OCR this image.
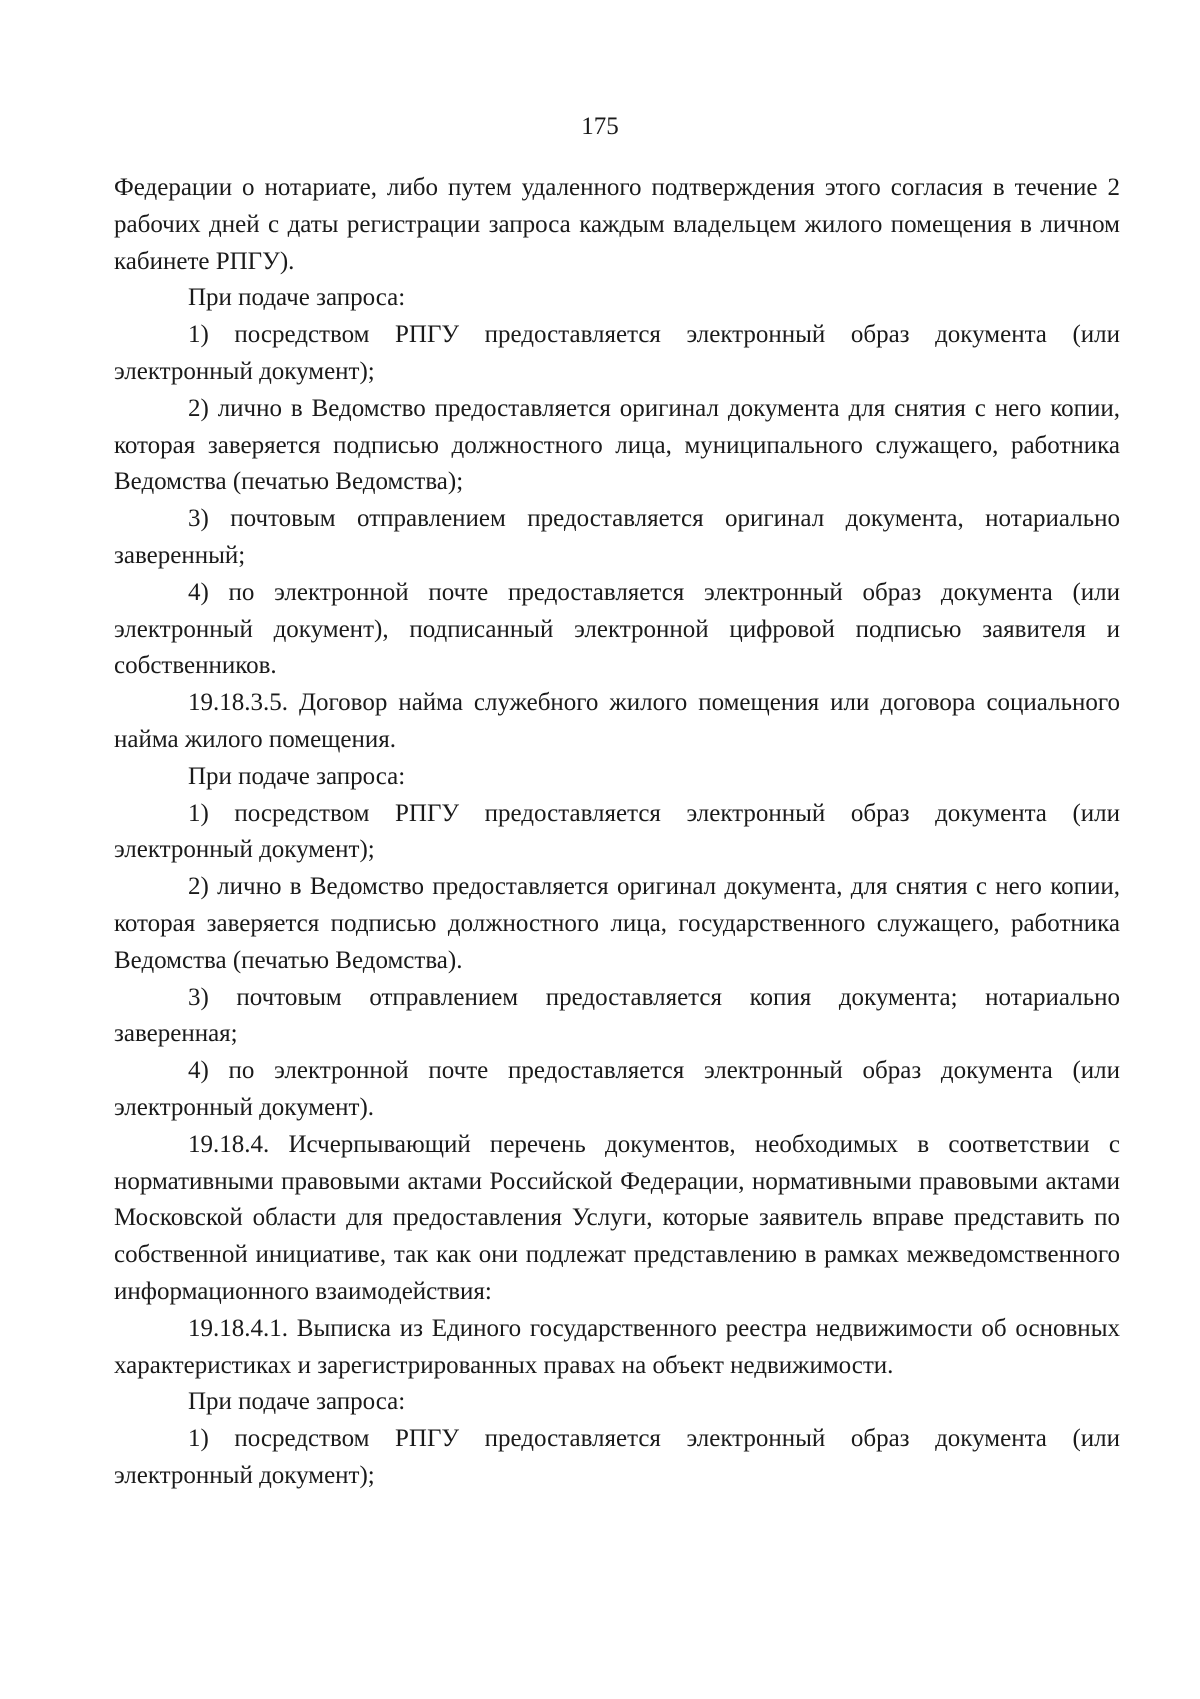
175

Федерации о нотариате, либо путем удаленного подтверждения этого согласия в течение 2 рабочих дней с даты регистрации запроса каждым владельцем жилого помещения в личном кабинете РПГУ).

При подаче запроса:

1) посредством РПГУ предоставляется электронный образ документа (или электронный документ);

2) лично в Ведомство предоставляется оригинал документа для снятия с него копии, которая заверяется подписью должностного лица, муниципального служащего, работника Ведомства (печатью Ведомства);

3) почтовым отправлением предоставляется оригинал документа, нотариально заверенный;

4) по электронной почте предоставляется электронный образ документа (или электронный документ), подписанный электронной цифровой подписью заявителя и собственников.

19.18.3.5. Договор найма служебного жилого помещения или договора социального найма жилого помещения.

При подаче запроса:

1) посредством РПГУ предоставляется электронный образ документа (или электронный документ);

2) лично в Ведомство предоставляется оригинал документа, для снятия с него копии, которая заверяется подписью должностного лица, государственного служащего, работника Ведомства (печатью Ведомства).

3) почтовым отправлением предоставляется копия документа; нотариально заверенная;

4) по электронной почте предоставляется электронный образ документа (или электронный документ).

19.18.4. Исчерпывающий перечень документов, необходимых в соответствии с нормативными правовыми актами Российской Федерации, нормативными правовыми актами Московской области для предоставления Услуги, которые заявитель вправе представить по собственной инициативе, так как они подлежат представлению в рамках межведомственного информационного взаимодействия:

19.18.4.1. Выписка из Единого государственного реестра недвижимости об основных характеристиках и зарегистрированных правах на объект недвижимости.

При подаче запроса:

1) посредством РПГУ предоставляется электронный образ документа (или электронный документ);
